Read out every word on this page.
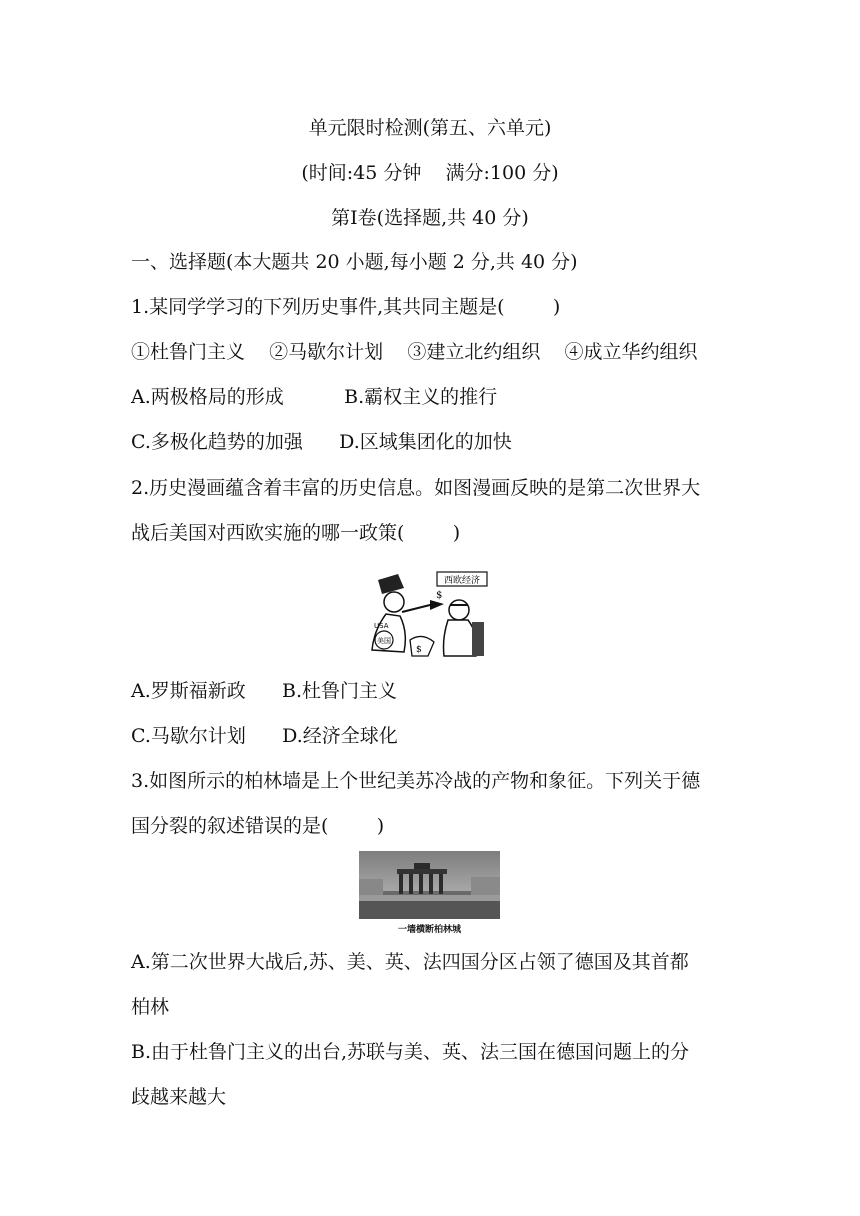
单元限时检测(第五、六单元)
(时间:45 分钟    满分:100 分)
第Ⅰ卷(选择题,共 40 分)
一、选择题(本大题共 20 小题,每小题 2 分,共 40 分)
1.某同学学习的下列历史事件,其共同主题是(        )
①杜鲁门主义    ②马歇尔计划    ③建立北约组织    ④成立华约组织
A.两极格局的形成          B.霸权主义的推行
C.多极化趋势的加强      D.区域集团化的加快
2.历史漫画蕴含着丰富的历史信息。如图漫画反映的是第二次世界大
战后美国对西欧实施的哪一政策(        )
西欧经济
USA
美国
$
$
A.罗斯福新政      B.杜鲁门主义
C.马歇尔计划      D.经济全球化
3.如图所示的柏林墙是上个世纪美苏冷战的产物和象征。下列关于德
国分裂的叙述错误的是(        )
一墙横断柏林城
A.第二次世界大战后,苏、美、英、法四国分区占领了德国及其首都
柏林
B.由于杜鲁门主义的出台,苏联与美、英、法三国在德国问题上的分
歧越来越大
